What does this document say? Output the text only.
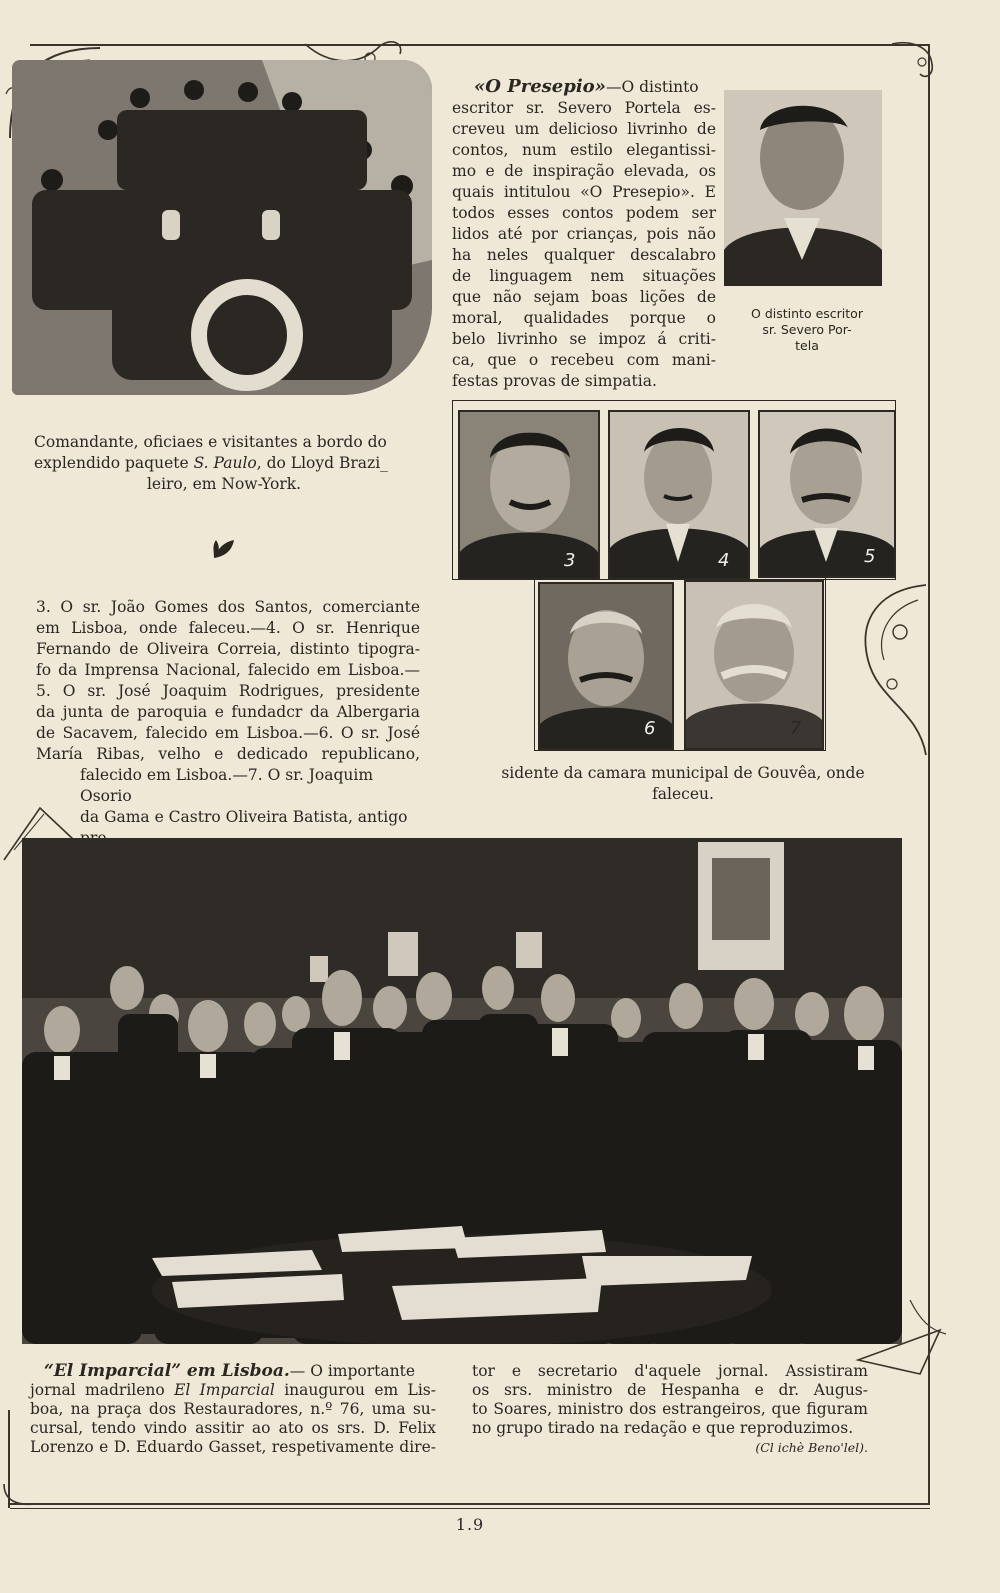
Comandante, oficiaes e visitantes a bordo do
explendido paquete S. Paulo, do Lloyd Brazi_

leiro, em Now-York.

«O Presepio»—O distinto
escritor sr. Severo Portela es-
creveu um delicioso livrinho de
contos, num estilo elegantissi-
mo e de inspiração elevada, os
quais intitulou «O Presepio». E
todos esses contos podem ser
lidos até por crianças, pois não
ha neles qualquer descalabro
de linguagem nem situações
que não sejam boas lições de
moral, qualidades porque o
belo livrinho se impoz á criti-
ca, que o recebeu com mani-
festas provas de simpatia.

O distinto escritor
sr. Severo Por-
tela

3	4	5
6	7
3. O sr. João Gomes dos Santos, comerciante
em Lisboa, onde faleceu.—4. O sr. Henrique
Fernando de Oliveira Correia, distinto tipogra-
fo da Imprensa Nacional, falecido em Lisboa.—
5. O sr. José Joaquim Rodrigues, presidente
da junta de paroquia e fundadcr da Albergaria
de Sacavem, falecido em Lisboa.—6. O sr. José
María Ribas, velho e dedicado republicano,
falecido em Lisboa.—7. O sr. Joaquim Osorio
da Gama e Castro Oliveira Batista, antigo
sidente da camara municipal de Gouvêa, onde
faleceu.
“El Imparcial” em Lisboa.— O importante
jornal madrileno El Imparcial inaugurou em Lis-
boa, na praça dos Restauradores, n.º 76, uma su-
cursal, tendo vindo assitir ao ato os srs. D. Felix
Lorenzo e D. Eduardo Gasset, respetivamente dire-
tor e secretario d'aquele jornal. Assistiram
os srs. ministro de Hespanha e dr. Augus-
to Soares, ministro dos estrangeiros, que figuram
no grupo tirado na redação e que reproduzimos.
(Cl ichè Beno'lel).
1.9
